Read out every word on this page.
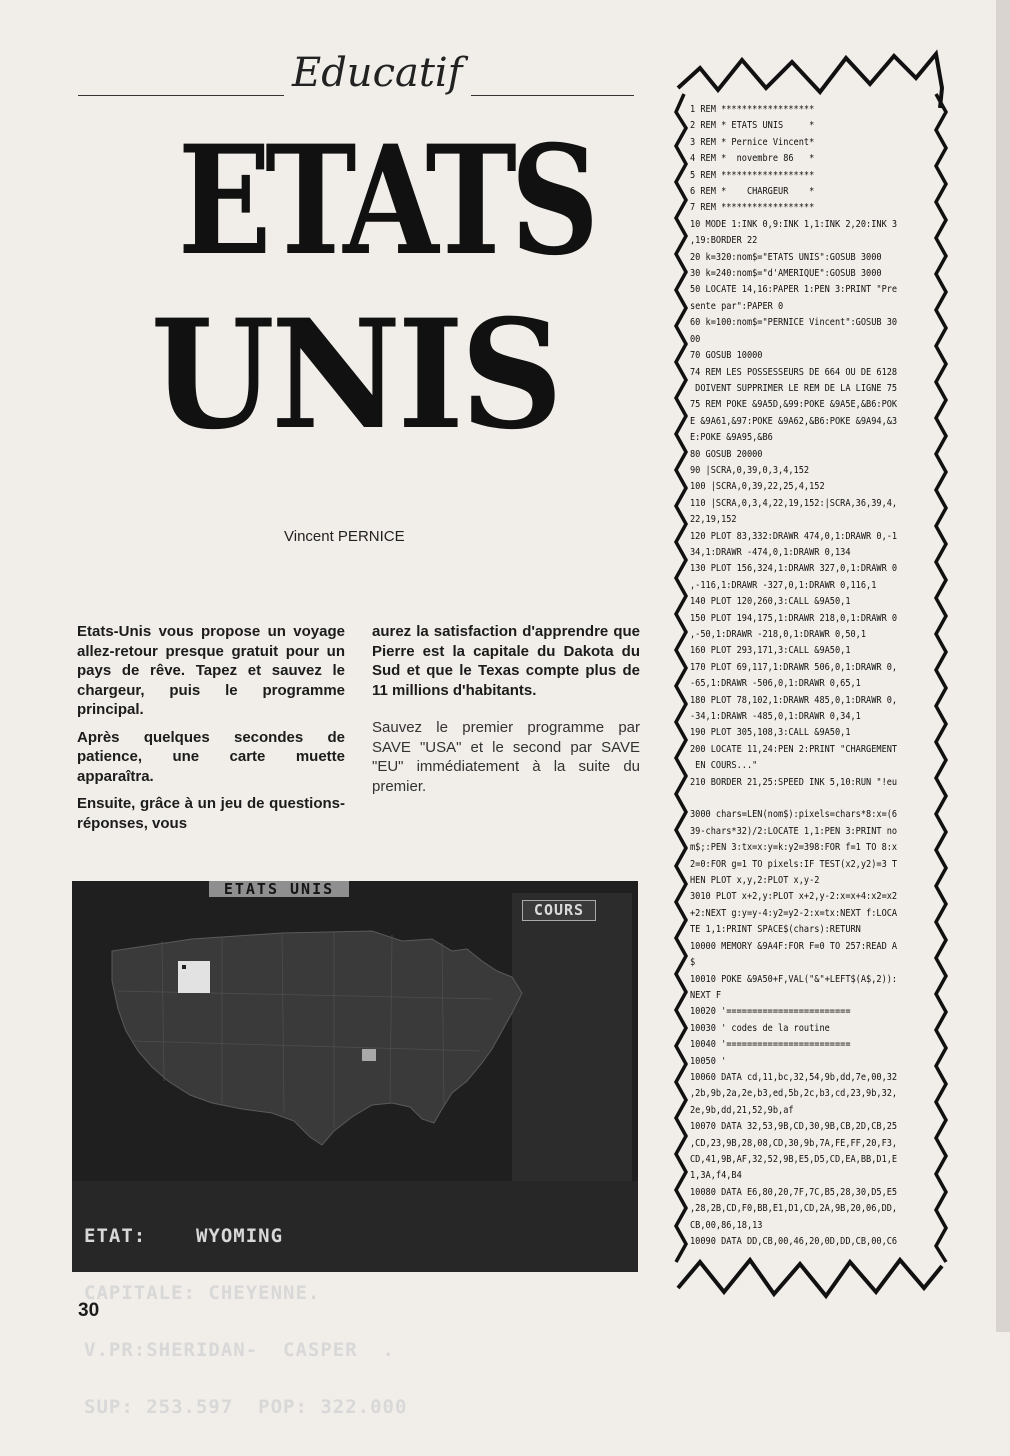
Educatif
ETATS
UNIS
Vincent PERNICE

Etats-Unis vous propose un voyage allez-retour presque gratuit pour un pays de rêve. Tapez et sauvez le chargeur, puis le programme principal.

Après quelques secondes de patience, une carte muette apparaîtra.

Ensuite, grâce à un jeu de questions-réponses, vous

aurez la satisfaction d'apprendre que Pierre est la capitale du Dakota du Sud et que le Texas compte plus de 11 millions d'habitants.

Sauvez le premier programme par SAVE "USA" et le second par SAVE "EU" immédiatement à la suite du premier.

ETATS UNIS
COURS

ETAT:    WYOMING

CAPITALE: CHEYENNE.

V.PR:SHERIDAN-  CASPER  .

SUP: 253.597  POP: 322.000

1 REM ******************
2 REM * ETATS UNIS     *
3 REM * Pernice Vincent*
4 REM *  novembre 86   *
5 REM ******************
6 REM *    CHARGEUR    *
7 REM ******************
10 MODE 1:INK 0,9:INK 1,1:INK 2,20:INK 3
,19:BORDER 22
20 k=320:nom$="ETATS UNIS":GOSUB 3000
30 k=240:nom$="d'AMERIQUE":GOSUB 3000
50 LOCATE 14,16:PAPER 1:PEN 3:PRINT "Pre
sente par":PAPER 0
60 k=100:nom$="PERNICE Vincent":GOSUB 30
00
70 GOSUB 10000
74 REM LES POSSESSEURS DE 664 OU DE 6128
DOIVENT SUPPRIMER LE REM DE LA LIGNE 75
75 REM POKE &9A5D,&99:POKE &9A5E,&B6:POK
E &9A61,&97:POKE &9A62,&B6:POKE &9A94,&3
E:POKE &9A95,&B6
80 GOSUB 20000
90 |SCRA,0,39,0,3,4,152
100 |SCRA,0,39,22,25,4,152
110 |SCRA,0,3,4,22,19,152:|SCRA,36,39,4,
22,19,152
120 PLOT 83,332:DRAWR 474,0,1:DRAWR 0,-1
34,1:DRAWR -474,0,1:DRAWR 0,134
130 PLOT 156,324,1:DRAWR 327,0,1:DRAWR 0
,-116,1:DRAWR -327,0,1:DRAWR 0,116,1
140 PLOT 120,260,3:CALL &9A50,1
150 PLOT 194,175,1:DRAWR 218,0,1:DRAWR 0
,-50,1:DRAWR -218,0,1:DRAWR 0,50,1
160 PLOT 293,171,3:CALL &9A50,1
170 PLOT 69,117,1:DRAWR 506,0,1:DRAWR 0,
-65,1:DRAWR -506,0,1:DRAWR 0,65,1
180 PLOT 78,102,1:DRAWR 485,0,1:DRAWR 0,
-34,1:DRAWR -485,0,1:DRAWR 0,34,1
190 PLOT 305,108,3:CALL &9A50,1
200 LOCATE 11,24:PEN 2:PRINT "CHARGEMENT
EN COURS..."
210 BORDER 21,25:SPEED INK 5,10:RUN "!eu
3000 chars=LEN(nom$):pixels=chars*8:x=(6
39-chars*32)/2:LOCATE 1,1:PEN 3:PRINT no
m$;:PEN 3:tx=x:y=k:y2=398:FOR f=1 TO 8:x
2=0:FOR g=1 TO pixels:IF TEST(x2,y2)=3 T
HEN PLOT x,y,2:PLOT x,y-2
3010 PLOT x+2,y:PLOT x+2,y-2:x=x+4:x2=x2
+2:NEXT g:y=y-4:y2=y2-2:x=tx:NEXT f:LOCA
TE 1,1:PRINT SPACE$(chars):RETURN
10000 MEMORY &9A4F:FOR F=0 TO 257:READ A
$
10010 POKE &9A50+F,VAL("&"+LEFT$(A$,2)):
NEXT F
10020 '========================
10030 ' codes de la routine
10040 '========================
10050 '
10060 DATA cd,11,bc,32,54,9b,dd,7e,00,32
,2b,9b,2a,2e,b3,ed,5b,2c,b3,cd,23,9b,32,
2e,9b,dd,21,52,9b,af
10070 DATA 32,53,9B,CD,30,9B,CB,2D,CB,25
,CD,23,9B,28,08,CD,30,9b,7A,FE,FF,20,F3,
CD,41,9B,AF,32,52,9B,E5,D5,CD,EA,BB,D1,E
1,3A,f4,B4
10080 DATA E6,80,20,7F,7C,B5,28,30,D5,E5
,28,2B,CD,F0,BB,E1,D1,CD,2A,9B,20,06,DD,
CB,00,86,18,13
10090 DATA DD,CB,00,46,20,0D,DD,CB,00,C6
30
